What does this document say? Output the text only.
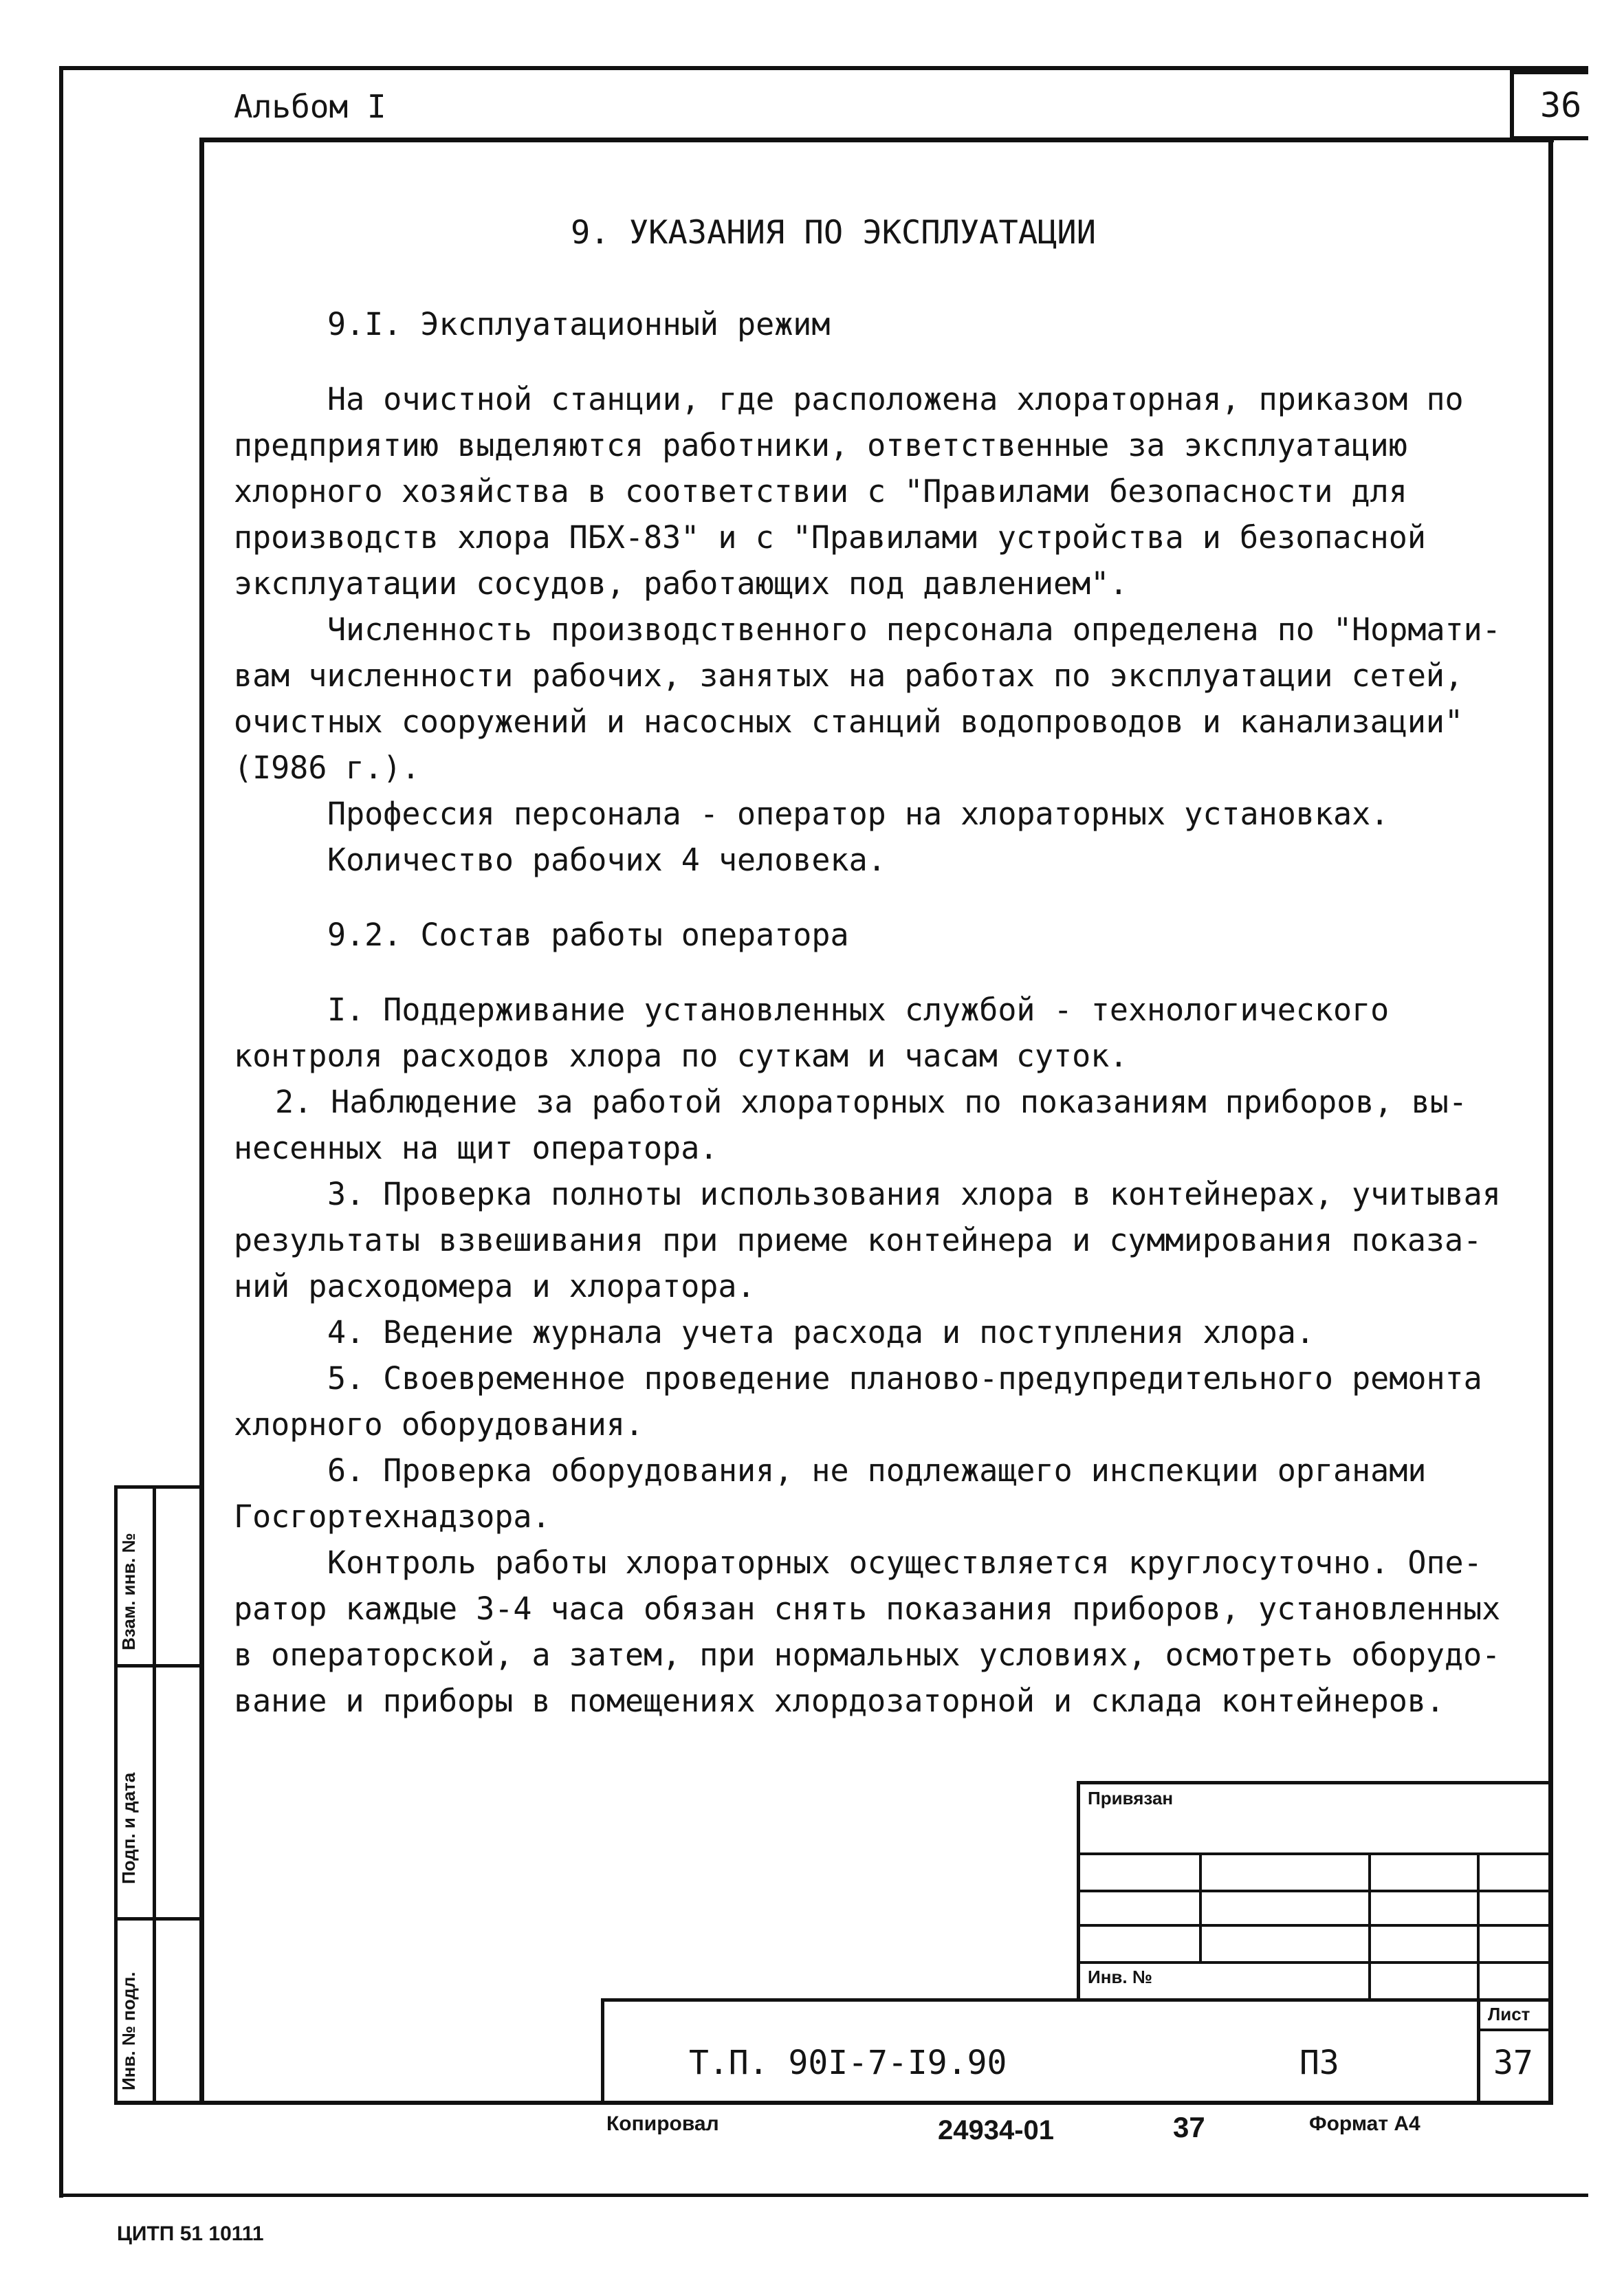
Альбом I	36

9. УКАЗАНИЯ ПО ЭКСПЛУАТАЦИИ

9.I. Эксплуатационный режим

На очистной станции, где расположена хлораторная, приказом по

предприятию выделяются работники, ответственные за эксплуатацию

хлорного хозяйства в соответствии с "Правилами безопасности для

производств хлора ПБХ-83" и с "Правилами устройства и безопасной

эксплуатации сосудов, работающих под давлением".

Численность производственного персонала определена по "Нормати-

вам численности рабочих, занятых на работах по эксплуатации сетей,

очистных сооружений и насосных станций водопроводов и канализации"

(I986 г.).

Профессия персонала - оператор на хлораторных установках.

Количество рабочих 4 человека.

9.2. Состав работы оператора

I. Поддерживание установленных службой - технологического

контроля расходов хлора по суткам и часам суток.

2. Наблюдение за работой хлораторных по показаниям приборов, вы-

несенных на щит оператора.

3. Проверка полноты использования хлора в контейнерах, учитывая

результаты взвешивания при приеме контейнера и суммирования показа-

ний расходомера и хлоратора.

4. Ведение журнала учета расхода и поступления хлора.

5. Своевременное проведение планово-предупредительного ремонта

хлорного оборудования.

6. Проверка оборудования, не подлежащего инспекции органами

Госгортехнадзора.

Контроль работы хлораторных осуществляется круглосуточно. Опе-

ратор каждые 3-4 часа обязан снять показания приборов, установленных

в операторской, а затем, при нормальных условиях, осмотреть оборудо-

вание и приборы в помещениях хлордозаторной и склада контейнеров.

Взам. инв. №
Подп. и дата
Инв. № подл.
Привязан
Инв. №
Т.П. 90I-7-I9.90	ПЗ
Лист
37
Копировал	24934-01	37	Формат А4
ЦИТП 51 10111
